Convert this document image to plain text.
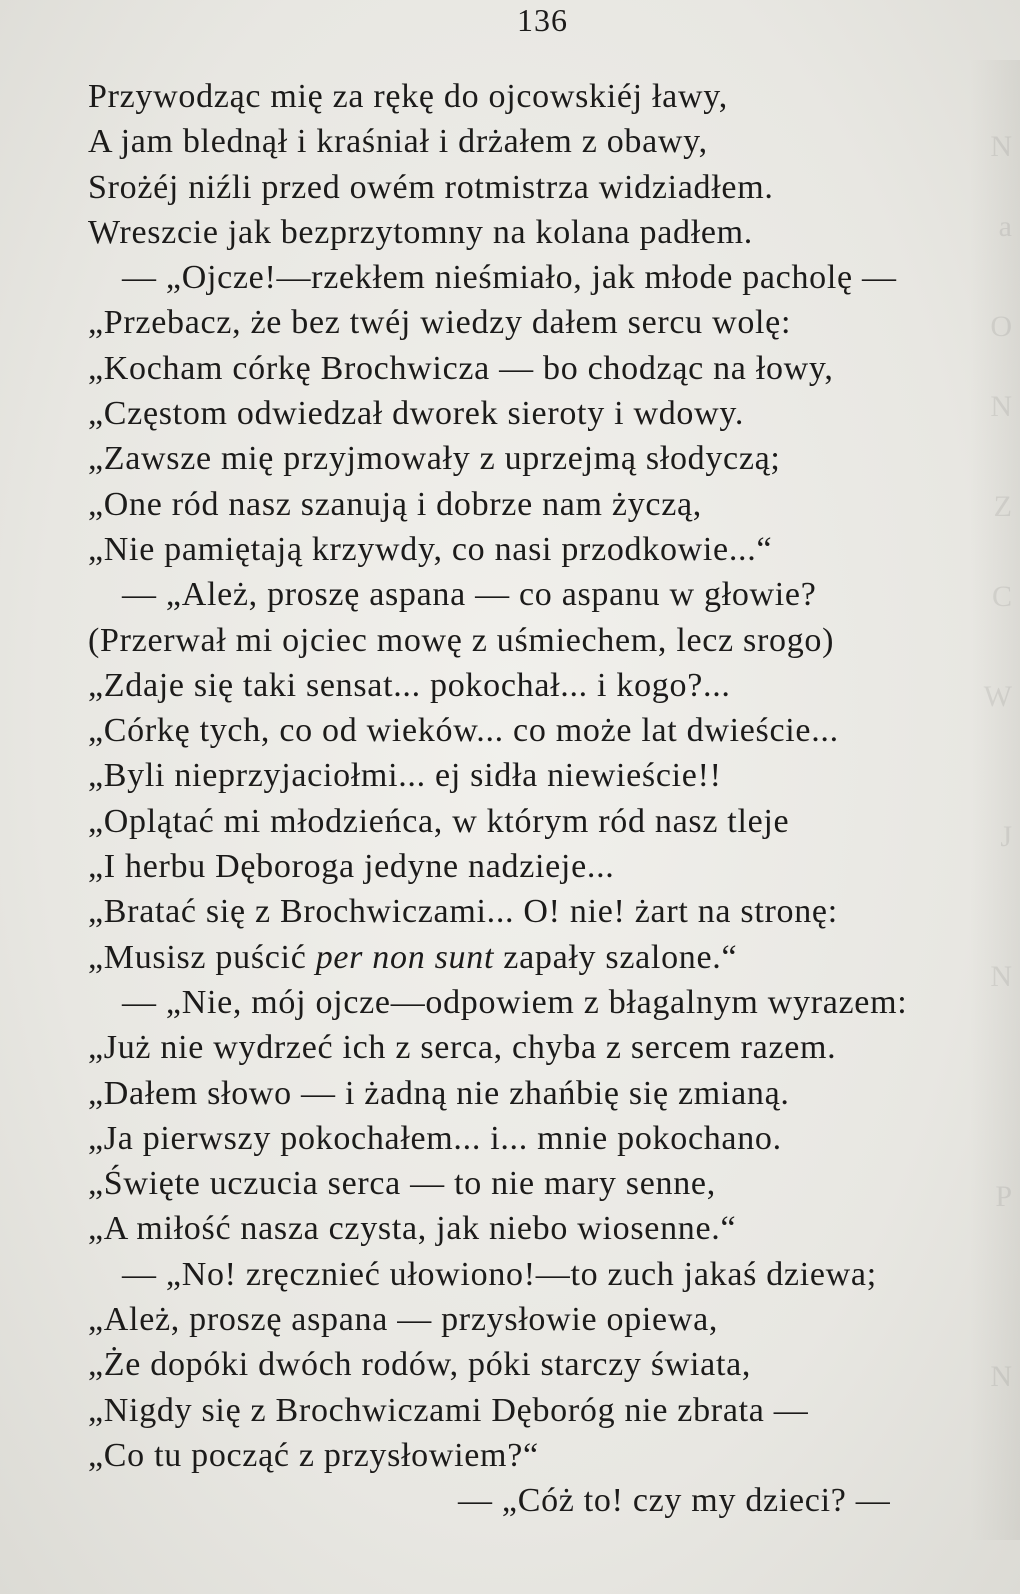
N
a
O
N
Z
C
W
J
N
P
N
136
Przywodząc mię za rękę do ojcowskiéj ławy,
A jam blednął i kraśniał i drżałem z obawy,
Srożéj niźli przed owém rotmistrza widziadłem.
Wreszcie jak bezprzytomny na kolana padłem.
— „Ojcze!—rzekłem nieśmiało, jak młode pacholę —
„Przebacz, że bez twéj wiedzy dałem sercu wolę:
„Kocham córkę Brochwicza — bo chodząc na łowy,
„Częstom odwiedzał dworek sieroty i wdowy.
„Zawsze mię przyjmowały z uprzejmą słodyczą;
„One ród nasz szanują i dobrze nam życzą,
„Nie pamiętają krzywdy, co nasi przodkowie...“
— „Ależ, proszę aspana — co aspanu w głowie?
(Przerwał mi ojciec mowę z uśmiechem, lecz srogo)
„Zdaje się taki sensat... pokochał... i kogo?...
„Córkę tych, co od wieków... co może lat dwieście...
„Byli nieprzyjaciołmi... ej sidła niewieście!!
„Oplątać mi młodzieńca, w którym ród nasz tleje
„I herbu Dęboroga jedyne nadzieje...
„Bratać się z Brochwiczami... O! nie! żart na stronę:
„Musisz puścić per non sunt zapały szalone.“
— „Nie, mój ojcze—odpowiem z błagalnym wyrazem:
„Już nie wydrzeć ich z serca, chyba z sercem razem.
„Dałem słowo — i żadną nie zhańbię się zmianą.
„Ja pierwszy pokochałem... i... mnie pokochano.
„Święte uczucia serca — to nie mary senne,
„A miłość nasza czysta, jak niebo wiosenne.“
— „No! zręcznieć ułowiono!—to zuch jakaś dziewa;
„Ależ, proszę aspana — przysłowie opiewa,
„Że dopóki dwóch rodów, póki starczy świata,
„Nigdy się z Brochwiczami Dęboróg nie zbrata —
„Co tu począć z przysłowiem?“
— „Cóż to! czy my dzieci? —
